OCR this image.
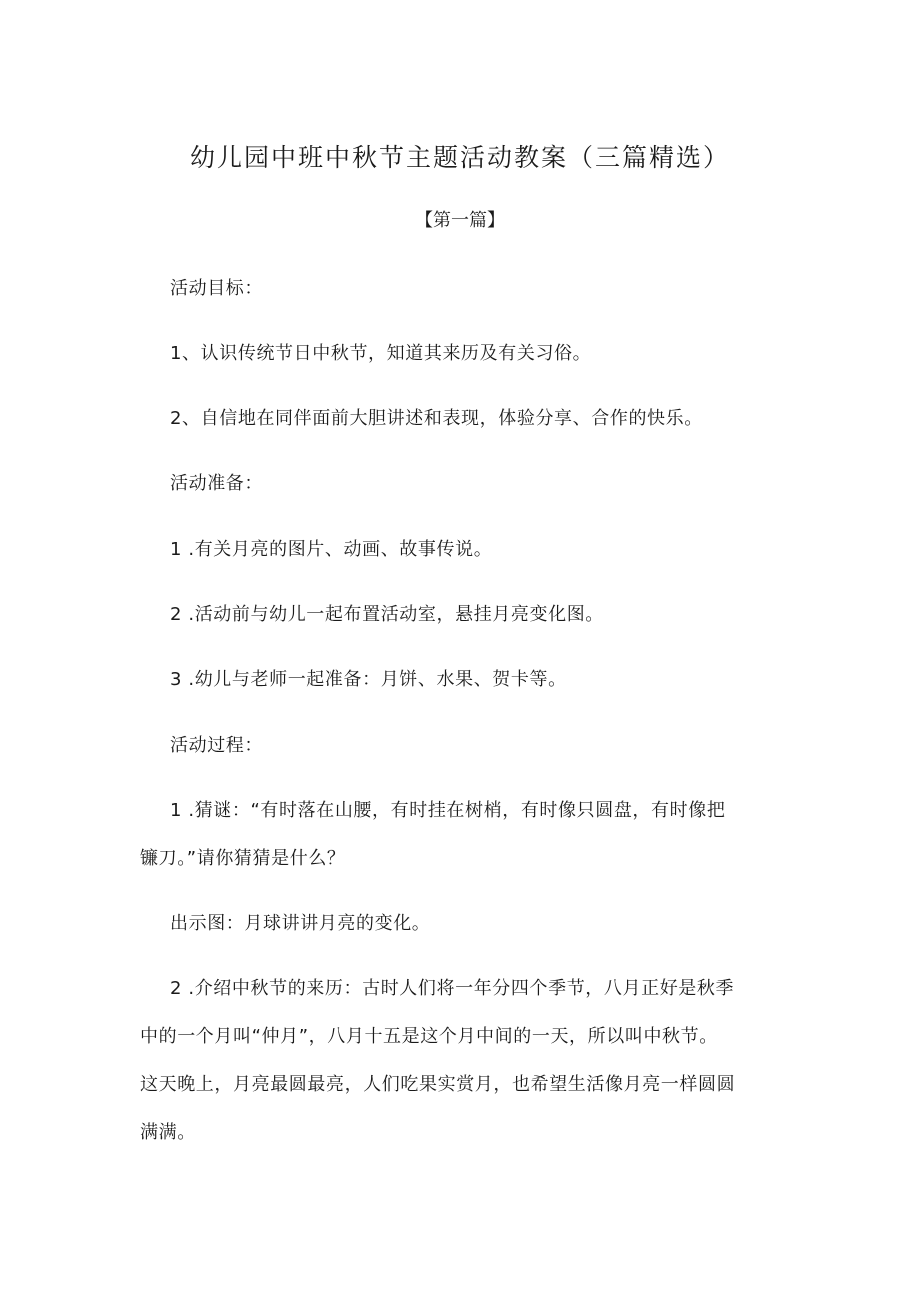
幼儿园中班中秋节主题活动教案（三篇精选）
【第一篇】
活动目标：
1、认识传统节日中秋节，知道其来历及有关习俗。
2、自信地在同伴面前大胆讲述和表现，体验分享、合作的快乐。
活动准备：
1 .有关月亮的图片、动画、故事传说。
2 .活动前与幼儿一起布置活动室，悬挂月亮变化图。
3 .幼儿与老师一起准备：月饼、水果、贺卡等。
活动过程：
1 .猜谜：“有时落在山腰，有时挂在树梢，有时像只圆盘，有时像把
镰刀。”请你猜猜是什么？
出示图：月球讲讲月亮的变化。
2 .介绍中秋节的来历：古时人们将一年分四个季节，八月正好是秋季
中的一个月叫“仲月”，八月十五是这个月中间的一天，所以叫中秋节。
这天晚上，月亮最圆最亮，人们吃果实赏月，也希望生活像月亮一样圆圆
满满。
